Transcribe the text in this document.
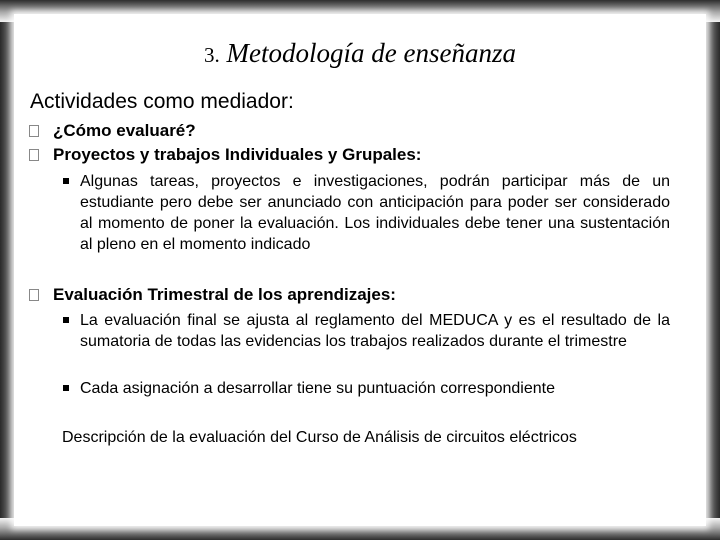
3. Metodología de enseñanza
Actividades como mediador:
¿Cómo evaluaré?
Proyectos y trabajos Individuales y Grupales:
Algunas tareas, proyectos e investigaciones, podrán participar más de un estudiante pero debe ser anunciado con anticipación para poder ser considerado al momento de poner la evaluación. Los individuales debe tener una sustentación al pleno en el momento indicado
Evaluación Trimestral de los aprendizajes:
La evaluación final se ajusta al reglamento del MEDUCA y es el resultado de la sumatoria de todas las evidencias los trabajos realizados durante el trimestre
Cada asignación a desarrollar tiene su puntuación correspondiente
Descripción de la evaluación del Curso de Análisis de circuitos eléctricos
